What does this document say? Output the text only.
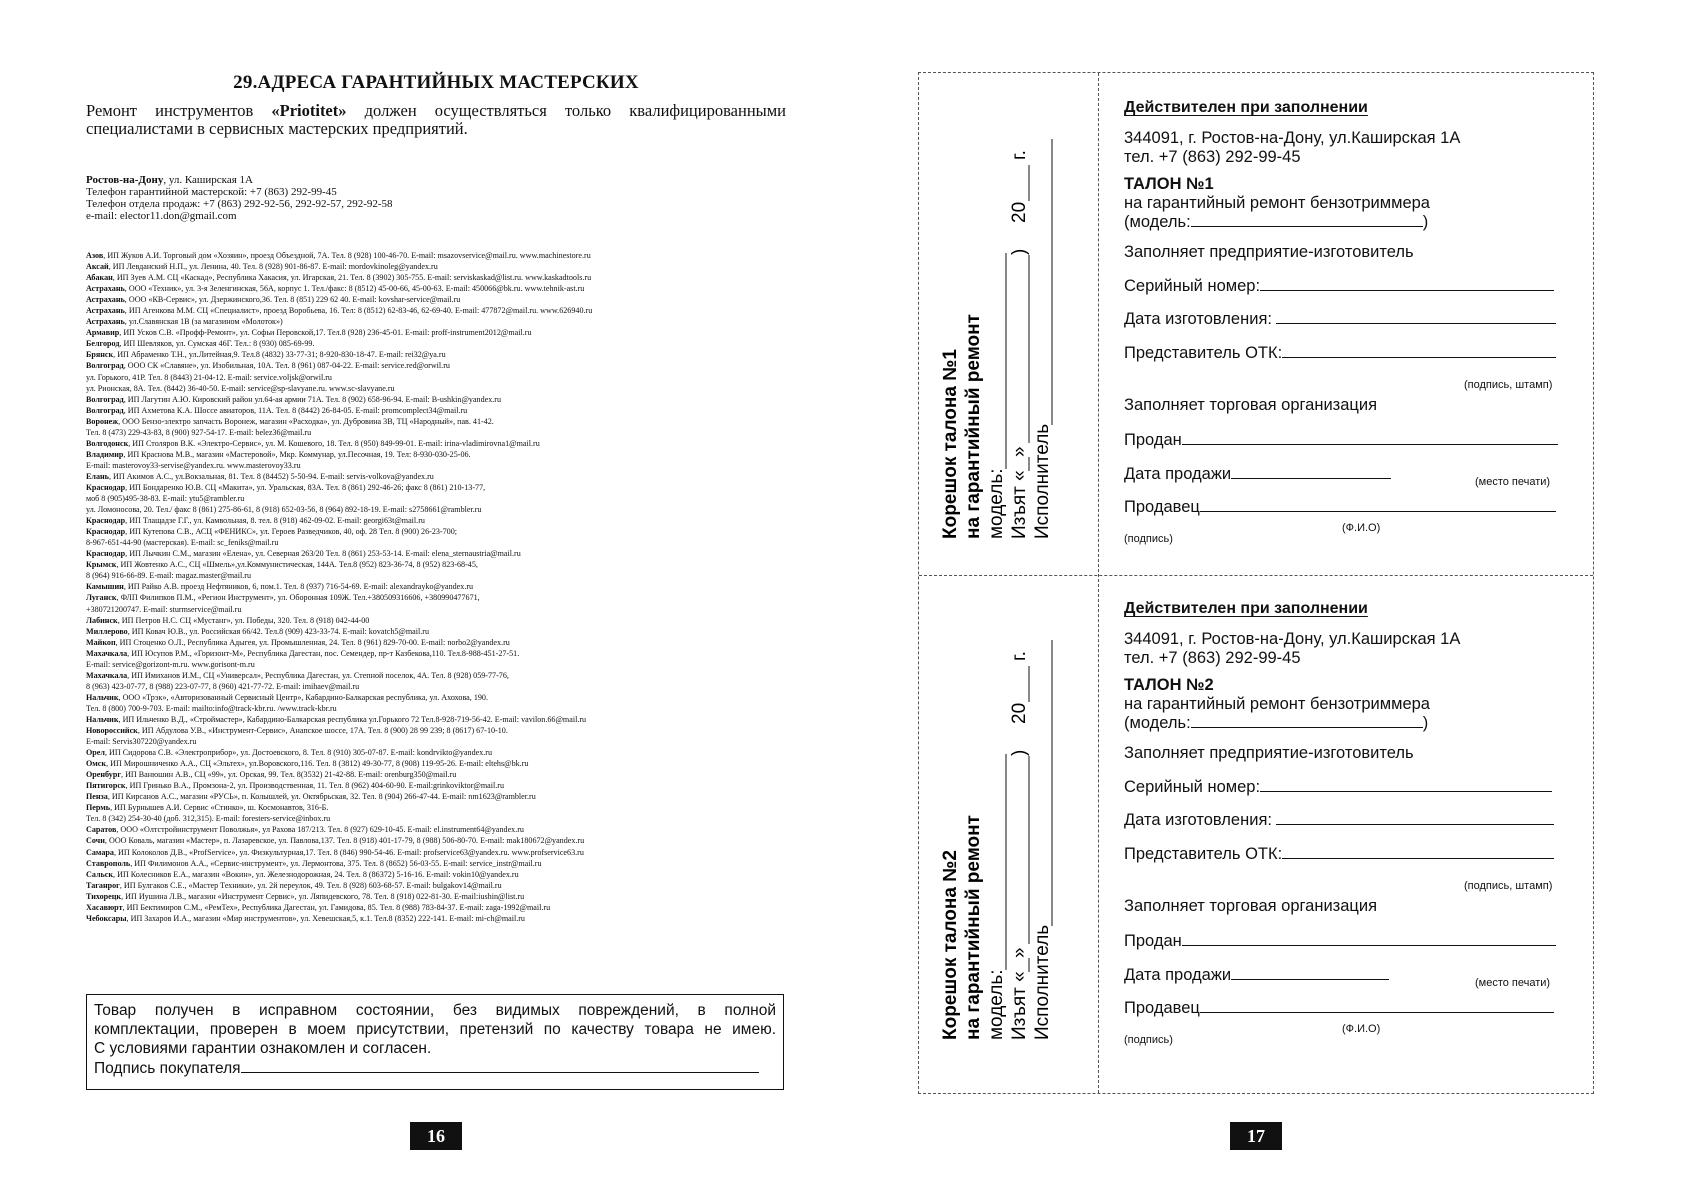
29.АДРЕСА ГАРАНТИЙНЫХ МАСТЕРСКИХ

Ремонт инструментов «Priotitet» должен осуществляться только квалифицированными специалистами в сервисных мастерских предприятий.

Ростов-на-Дону, ул. Каширская 1А
Телефон гарантийной мастерской: +7 (863) 292-99-45
Телефон отдела продаж: +7 (863) 292-92-56, 292-92-57, 292-92-58
e-mail: elector11.don@gmail.com
Азов, ИП Жуков А.И. Торговый дом «Хозяин», проезд Объездной, 7А. Тел. 8 (928) 100-46-70. E-mail: msazovservice@mail.ru. www.machinestore.ru
Аксай, ИП Левданский Н.П., ул. Ленина, 40. Тел. 8 (928) 901-86-87. E-mail: mordovkinoleg@yandex.ru
Абакан, ИП Зуев А.М. СЦ «Каскад», Республика Хакасия, ул. Игарская, 21. Тел. 8 (3902) 305-755. E-mail: serviskaskad@list.ru. www.kaskadtools.ru
Астрахань, ООО «Техник», ул. 3-я Зеленгинская, 56А, корпус 1. Тел./факс: 8 (8512) 45-00-66, 45-00-63. E-mail: 450066@bk.ru. www.tehnik-ast.ru
Астрахань, ООО «КВ-Сервис», ул. Дзержинского,36. Тел. 8 (851) 229 62 40. E-mail: kovshar-service@mail.ru
Астрахань, ИП Агенкова М.М. СЦ «Специалист», проезд Воробьева, 16. Тел: 8 (8512) 62-83-46, 62-69-40. E-mail: 477872@mail.ru. www.626940.ru
Астрахань, ул.Славянская 1В (за магазином «Молоток»)
Армавир, ИП Усков С.В. «Профф-Ремонт», ул. Софьи Перовской,17. Тел.8 (928) 236-45-01. E-mail: proff-instrument2012@mail.ru
Белгород, ИП Шевляков, ул. Сумская 46Г. Тел.: 8 (930) 085-69-99.
Брянск, ИП Абраменко Т.Н., ул.Литейная,9. Тел.8 (4832) 33-77-31; 8-920-830-18-47. E-mail: rei32@ya.ru
Волгоград, ООО СК «Славяне», ул. Изобильная, 10А. Тел. 8 (961) 087-04-22. E-mail: service.red@orwil.ru
ул. Горького, 41Р. Тел. 8 (8443) 21-04-12. E-mail: service.voljsk@orwil.ru
ул. Рионская, 8А. Тел. (8442) 36-40-50. E-mail: service@sp-slavyane.ru. www.sc-slavyane.ru
Волгоград, ИП Лагутин А.Ю. Кировский район ул.64-ая армии 71А. Тел. 8 (902) 658-96-94. E-mail: B-ushkin@yandex.ru
Волгоград, ИП Ахметова К.А. Шоссе авиаторов, 11А. Тел. 8 (8442) 26-84-05. E-mail: promcomplect34@mail.ru
Воронеж, ООО Бензо-электро запчасть Воронеж, магазин «Расходка», ул. Дубровина 3В, ТЦ «Народный», пав. 41-42.
Тел. 8 (473) 229-43-83, 8 (900) 927-54-17. E-mail: belez36@mail.ru
Волгодонск, ИП Столяров В.К. «Электро-Сервис», ул. М. Кошевого, 18. Тел. 8 (950) 849-99-01. E-mail: irina-vladimirovna1@mail.ru
Владимир, ИП Краснова М.В., магазин «Мастеровой», Мкр. Коммунар, ул.Песочная, 19. Тел: 8-930-030-25-06.
E-mail: masterovoy33-servise@yandex.ru. www.masterovoy33.ru
Елань, ИП Акимов А.С., ул.Вокзальная, 81. Тел. 8 (84452) 5-50-94. E-mail: servis-volkova@yandex.ru
Краснодар, ИП Бондаренко Ю.В. СЦ «Макита», ул. Уральская, 83А. Тел. 8 (861) 292-46-26; факс 8 (861) 210-13-77,
моб 8 (905)495-38-83. E-mail: ytu5@rambler.ru
ул. Ломоносова, 20. Тел./ факс 8 (861) 275-86-61, 8 (918) 652-03-56, 8 (964) 892-18-19. E-mail: s2758661@rambler.ru
Краснодар, ИП Тлащадзе Г.Г., ул. Камвольная, 8. тел. 8 (918) 462-09-02. E-mail: georgi63t@mail.ru
Краснодар, ИП Кутепова С.В., АСЦ «ФЕНИКС», ул. Героев Разведчиков, 40, оф. 28 Тел. 8 (900) 26-23-700;
8-967-651-44-90 (мастерская). E-mail: sc_feniks@mail.ru
Краснодар, ИП Лычкин С.М., магазин «Елена», ул. Северная 263/20 Тел. 8 (861) 253-53-14. E-mail: elena_sternaustria@mail.ru
Крымск, ИП Жовтенко А.С., СЦ «Шмель»,ул.Коммунистическая, 144А. Тел.8 (952) 823-36-74, 8 (952) 823-68-45,
8 (964) 916-66-89. E-mail: magaz.master@mail.ru
Камышин, ИП Райко А.В. проезд Нефтяников, 6, пом.1. Тел. 8 (937) 716-54-69. E-mail: alexandrayko@yandex.ru
Луганск, ФЛП Филипков П.М., «Регион Инструмент», ул. Оборонная 109Ж. Тел.+380509316606, +380990477671,
+380721200747. E-mail: sturmservice@mail.ru
Лабинск, ИП Петров Н.С. СЦ «Мустанг», ул. Победы, 320. Тел. 8 (918) 042-44-00
Миллерово, ИП Ковач Ю.В., ул. Российская 66/42. Тел.8 (909) 423-33-74. E-mail: kovatch5@mail.ru
Майкоп, ИП Стоценко О.Л., Республика Адыгея, ул. Промышленная, 24. Тел. 8 (961) 829-70-00. E-mail: norbo2@yandex.ru
Махачкала, ИП Юсупов Р.М., «Горизонт-М», Республика Дагестан, пос. Семендер, пр-т Казбекова,110. Тел.8-988-451-27-51.
E-mail: service@gorizont-m.ru. www.gorisont-m.ru
Махачкала, ИП Имиханов И.М., СЦ «Универсал», Республика Дагестан, ул. Степной поселок, 4А. Тел. 8 (928) 059-77-76,
8 (963) 423-07-77, 8 (988) 223-07-77, 8 (960) 421-77-72. E-mail: imihaev@mail.ru
Нальчик, ООО «Трэк», «Авторизованный Сервисный Центр», Кабардино-Балкарская республика, ул. Ахохова, 190.
Тел. 8 (800) 700-9-703. E-mail: mailto:info@track-kbr.ru. /www.track-kbr.ru
Нальчик, ИП Ильченко В.Д., «Строймастер», Кабардино-Балкарская республика ул.Горького 72 Тел.8-928-719-56-42. E-mail: vavilon.66@mail.ru
Новороссийск, ИП Абдулова У.В., «Инструмент-Сервис», Анапское шоссе, 17А. Тел. 8 (900) 28 99 239; 8 (8617) 67-10-10.
E-mail: Servis307220@yandex.ru
Орел, ИП Сидорова С.В. «Электроприбор», ул. Достоевского, 8. Тел. 8 (910) 305-07-87. E-mail: kondrvikto@yandex.ru
Омск, ИП Мирошниченко А.А., СЦ «Эльтех», ул.Воровского,116. Тел. 8 (3812) 49-30-77, 8 (908) 119-95-26. E-mail: eltehs@bk.ru
Оренбург, ИП Ванюшин А.В., СЦ «99», ул. Орская, 99. Тел. 8(3532) 21-42-88. E-mail: orenburg350@mail.ru
Пятигорск, ИП Гринько В.А., Промзона-2, ул. Производственная, 11. Тел. 8 (962) 404-60-90. E-mail:grinkoviktor@mail.ru
Пенза, ИП Кирсанов А.С., магазин «РУСЬ», п. Колышлей, ул. Октябрьская, 32. Тел. 8 (904) 266-47-44. E-mail: nm1623@rambler.ru
Пермь, ИП Бурнышев А.И. Сервис «Стинко», ш. Космонавтов, 316-Б.
Тел. 8 (342) 254-30-40 (доб. 312,315). E-mail: foresters-service@inbox.ru
Саратов, ООО «Олтстройинструмент Поволжья», ул Рахова 187/213. Тел. 8 (927) 629-10-45. E-mail: el.instrument64@yandex.ru
Сочи, ООО Коваль, магазин «Мастер», п. Лазаревское, ул. Павлова,137. Тел. 8 (918) 401-17-79, 8 (988) 506-80-70. E-mail: mak180672@yandex.ru
Самара, ИП Колоколов Д.В., «ProfService», ул. Физкультурная,17. Тел. 8 (846) 990-54-46. E-mail: profservice63@yandex.ru. www.profservice63.ru
Ставрополь, ИП Филимонов А.А., «Сервис-инструмент», ул. Лермонтова, 375. Тел. 8 (8652) 56-03-55. E-mail: service_instr@mail.ru
Сальск, ИП Колесников Е.А., магазин «Вокин», ул. Железнодорожная, 24. Тел. 8 (86372) 5-16-16. E-mail: vokin10@yandex.ru
Таганрог, ИП Булгаков С.Е., «Мастер Техники», ул. 2й переулок, 49. Тел. 8 (928) 603-68-57. E-mail: bulgakov14@mail.ru
Тихорецк, ИП Иушина Л.В., магазин «Инструмент Сервис», ул. Ляпидевского, 78. Тел. 8 (918) 022-81-30. E-mail:iushin@list.ru
Хасавюрт, ИП Бектимиров С.М., «РемТех», Республика Дагестан, ул. Гамидова, 85. Тел. 8 (988) 783-84-37. E-mail: zaga-1992@mail.ru
Чебоксары, ИП Захаров И.А., магазин «Мир инструментов», ул. Хевешская,5, к.1. Тел.8 (8352) 222-141. E-mail: mi-ch@mail.ru
Товар получен в исправном состоянии, без видимых повреждений, в полной
комплектации, проверен в моем присутствии, претензий по качеству товара не имею.
С условиями гарантии ознакомлен и согласен.
Подпись покупателя
16
Корешок талона №1 на гарантийный ремонт модель: Изъят «
» Исполнитель
)
20
г.
Корешок талона №2 на гарантийный ремонт модель: Изъят «
» Исполнитель
)
20
г.
Действителен при заполнении
344091, г. Ростов-на-Дону, ул.Каширская 1А
тел. +7 (863) 292-99-45
ТАЛОН №1
на гарантийный ремонт бензотриммера
(модель:	)
Заполняет предприятие-изготовитель
Серийный номер:
Дата изготовления:
Представитель ОТК:
(подпись, штамп)
Заполняет торговая организация
Продан
Дата продажи	(место печати)
Продавец
(Ф.И.О)
(подпись)
Действителен при заполнении
344091, г. Ростов-на-Дону, ул.Каширская 1А
тел. +7 (863) 292-99-45
ТАЛОН №2
на гарантийный ремонт бензотриммера
(модель:	)
Заполняет предприятие-изготовитель
Серийный номер:
Дата изготовления:
Представитель ОТК:
(подпись, штамп)
Заполняет торговая организация
Продан
Дата продажи	(место печати)
Продавец
(Ф.И.О)
(подпись)
17
